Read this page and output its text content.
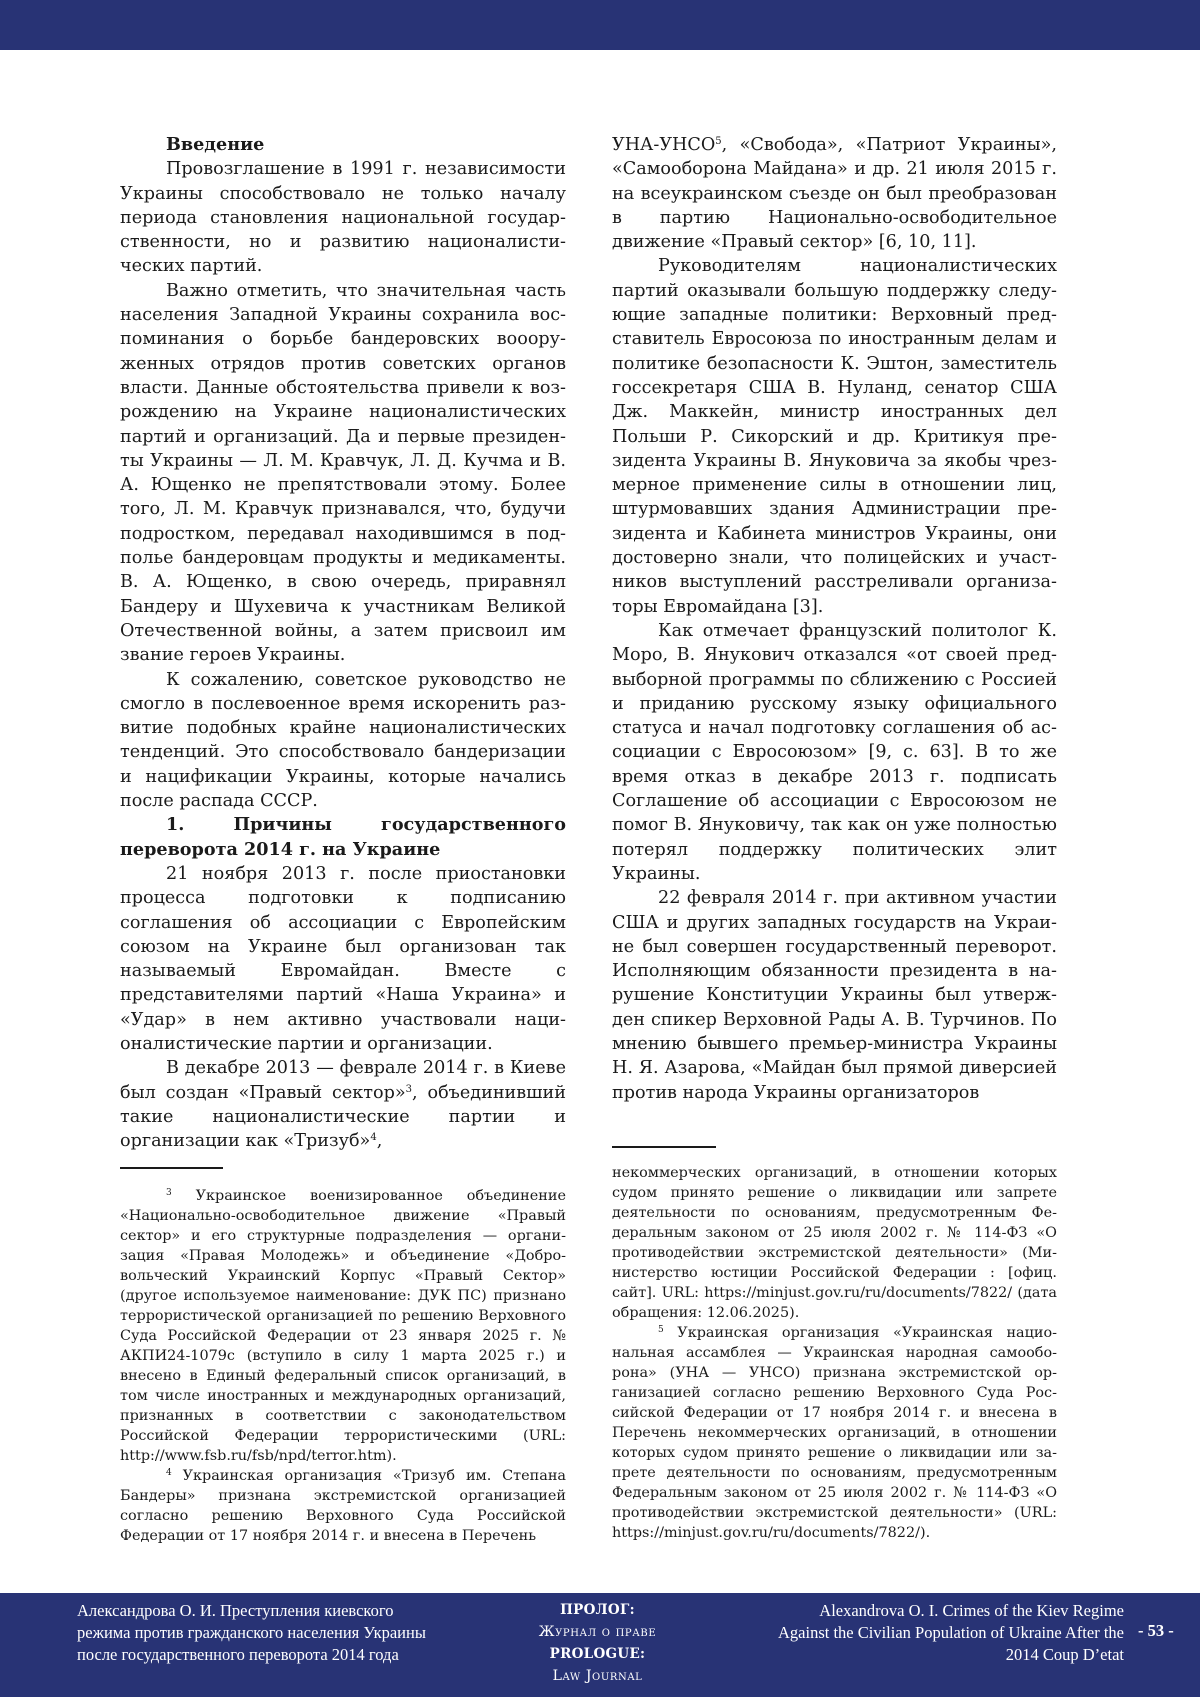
Введение

Провозглашение в 1991 г. независимости Украины способствовало не только началу периода становления национальной государственности, но и развитию националистических партий.

Важно отметить, что значительная часть населения Западной Украины сохранила воспоминания о борьбе бандеровских воооруженных отрядов против советских органов власти. Данные обстоятельства привели к возрождению на Украине националистических партий и организаций. Да и первые президенты Украины — Л. М. Кравчук, Л. Д. Кучма и В. А. Ющенко не препятствовали этому. Более того, Л. М. Кравчук признавался, что, будучи подростком, передавал находившимся в подполье бандеровцам продукты и медикаменты. В. А. Ющенко, в свою очередь, приравнял Бандеру и Шухевича к участникам Великой Отечественной войны, а затем присвоил им звание героев Украины.

К сожалению, советское руководство не смогло в послевоенное время искоренить развитие подобных крайне националистических тенденций. Это способствовало бандеризации и нацификации Украины, которые начались после распада СССР.

1. Причины государственного переворота 2014 г. на Украине

21 ноября 2013 г. после приостановки процесса подготовки к подписанию соглашения об ассоциации с Европейским союзом на Украине был организован так называемый Евромайдан. Вместе с представителями партий «Наша Украина» и «Удар» в нем активно участвовали националистические партии и организации.

В декабре 2013 — феврале 2014 г. в Киеве был создан «Правый сектор»$^3$, объединивший такие националистические партии и организации как «Тризуб»$^4$,

УНА-УНСО$^5$, «Свобода», «Патриот Украины», «Самооборона Майдана» и др. 21 июля 2015 г. на всеукраинском съезде он был преобразован в партию Национально-освободительное движение «Правый сектор» [6, 10, 11].

Руководителям националистических партий оказывали большую поддержку следующие западные политики: Верховный представитель Евросоюза по иностранным делам и политике безопасности К. Эштон, заместитель госсекретаря США В. Нуланд, сенатор США Дж. Маккейн, министр иностранных дел Польши Р. Сикорский и др. Критикуя президента Украины В. Януковича за якобы чрезмерное применение силы в отношении лиц, штурмовавших здания Администрации президента и Кабинета министров Украины, они достоверно знали, что полицейских и участников выступлений расстреливали организаторы Евромайдана [3].

Как отмечает французский политолог К. Моро, В. Янукович отказался «от своей предвыборной программы по сближению с Россией и приданию русскому языку официального статуса и начал подготовку соглашения об ассоциации с Евросоюзом» [9, с. 63]. В то же время отказ в декабре 2013 г. подписать Соглашение об ассоциации с Евросоюзом не помог В. Януковичу, так как он уже полностью потерял поддержку политических элит Украины.

22 февраля 2014 г. при активном участии США и других западных государств на Украине был совершен государственный переворот. Исполняющим обязанности президента в нарушение Конституции Украины был утвержден спикер Верховной Рады А. В. Турчинов. По мнению бывшего премьер-министра Украины Н. Я. Азарова, «Майдан был прямой диверсией против народа Украины организаторов

$^3$ Украинское военизированное объединение «Национально-освободительное движение «Правый сектор» и его структурные подразделения — организация «Правая Молодежь» и объединение «Добровольческий Украинский Корпус «Правый Сектор» (другое используемое наименование: ДУК ПС) признано террористической организацией по решению Верховного Суда Российской Федерации от 23 января 2025 г. № АКПИ24-1079с (вступило в силу 1 марта 2025 г.) и внесено в Единый федеральный список организаций, в том числе иностранных и международных организаций, признанных в соответствии с законодательством Российской Федерации террористическими (URL: http://www.fsb.ru/fsb/npd/terror.htm).

$^4$ Украинская организация «Тризуб им. Степана Бандеры» признана экстремистской организацией согласно решению Верховного Суда Российской Федерации от 17 ноября 2014 г. и внесена в Перечень

некоммерческих организаций, в отношении которых судом принято решение о ликвидации или запрете деятельности по основаниям, предусмотренным Федеральным законом от 25 июля 2002 г. № 114-ФЗ «О противодействии экстремистской деятельности» (Министерство юстиции Российской Федерации : [офиц. сайт]. URL: https://minjust.gov.ru/ru/documents/7822/ (дата обращения: 12.06.2025).

$^5$ Украинская организация «Украинская национальная ассамблея — Украинская народная самооборона» (УНА — УНСО) признана экстремистской организацией согласно решению Верховного Суда Российской Федерации от 17 ноября 2014 г. и внесена в Перечень некоммерческих организаций, в отношении которых судом принято решение о ликвидации или запрете деятельности по основаниям, предусмотренным Федеральным законом от 25 июля 2002 г. № 114-ФЗ «О противодействии экстремистской деятельности» (URL: https://minjust.gov.ru/ru/documents/7822/).

Александрова О. И. Преступления киевского
режима против гражданского населения Украины
после государственного переворота 2014 года
ПРОЛОГ:
Журнал о праве
PROLOGUE:
Law Journal
Alexandrova O. I. Crimes of the Kiev Regime
Against the Civilian Population of Ukraine After the
2014 Coup D’etat
- 53 -
